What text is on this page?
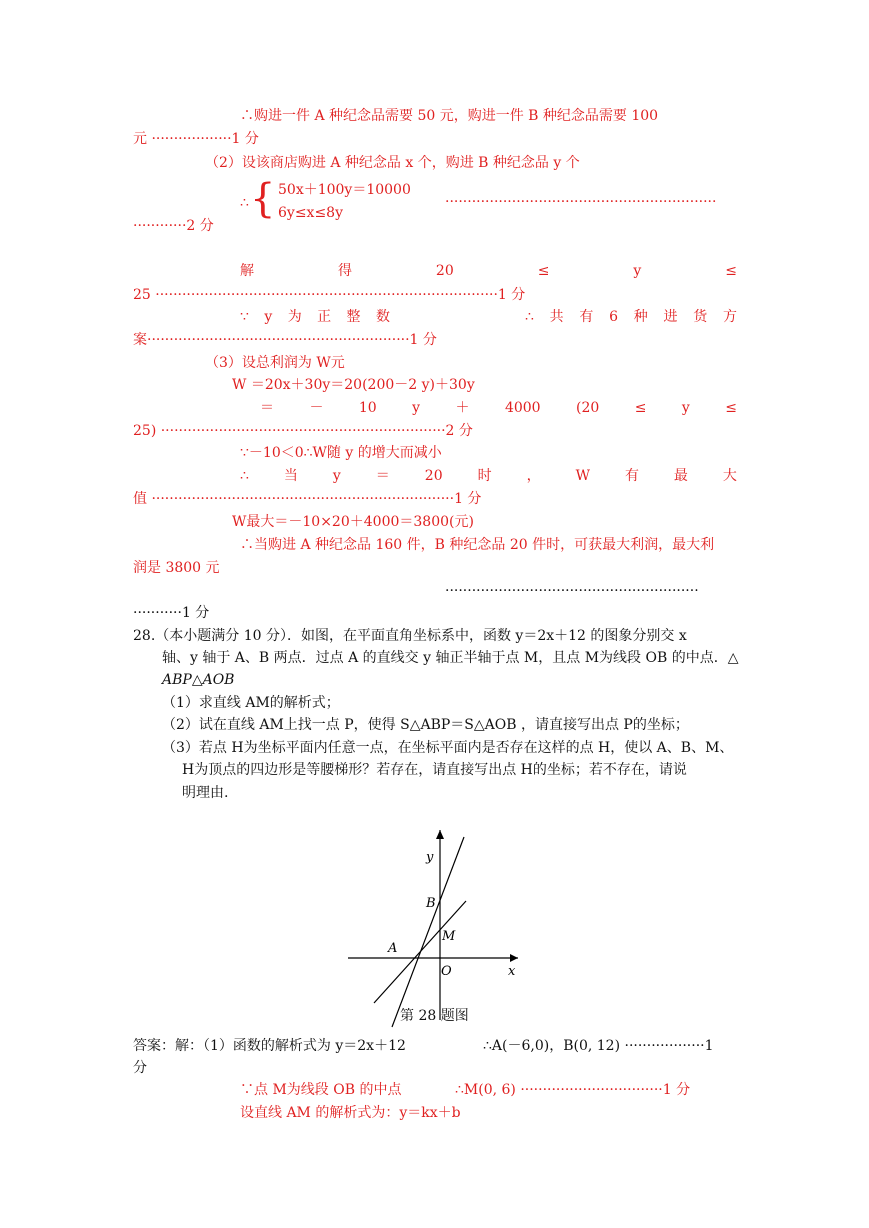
∴购进一件 A 种纪念品需要 50 元，购进一件 B 种纪念品需要 100
元 ··················1 分
（2）设该商店购进 A 种纪念品 x 个，购进 B 种纪念品 y 个
∴ { 50x＋100y＝10000
6y≤x≤8y
·····························································
············2 分
解	得	20	≤	y	≤
25 ·············································································1 分
∵ y 为 正 整 数	∴ 共 有 6 种 进 货 方
案···························································1 分
（3）设总利润为 W元
W ＝20x＋30y＝20(200－2 y)＋30y
＝	－	10	y	＋	4000	(20	≤	y	≤
25) ································································2 分
∵－10＜0∴W随 y 的增大而减小
∴ 当 y ＝ 20 时 ， W 有 最 大
值 ····································································1 分
W最大＝－10×20＋4000＝3800(元)
∴当购进 A 种纪念品 160 件，B 种纪念品 20 件时，可获最大利润，最大利
润是 3800 元
·························································
···········1 分
28.（本小题满分 10 分）．如图，在平面直角坐标系中，函数 y＝2x＋12 的图象分别交 x
轴、y 轴于 A、B 两点．过点 A 的直线交 y 轴正半轴于点 M，且点 M为线段 OB 的中点．△
ABP△AOB
（1）求直线 AM的解析式；
（2）试在直线 AM上找一点 P，使得 S△ABP＝S△AOB ，请直接写出点 P的坐标；
（3）若点 H为坐标平面内任意一点，在坐标平面内是否存在这样的点 H，使以 A、B、M、
H为顶点的四边形是等腰梯形？若存在，请直接写出点 H的坐标；若不存在，请说
明理由.
y
x
B
M
A
O
第 28 题图
答案：解：（1）函数的解析式为 y＝2x＋12	∴A(－6,0)，B(0, 12) ··················1
分
∵点 M为线段 OB 的中点	∴M(0, 6) ································1 分
设直线 AM 的解析式为：y＝kx＋b
